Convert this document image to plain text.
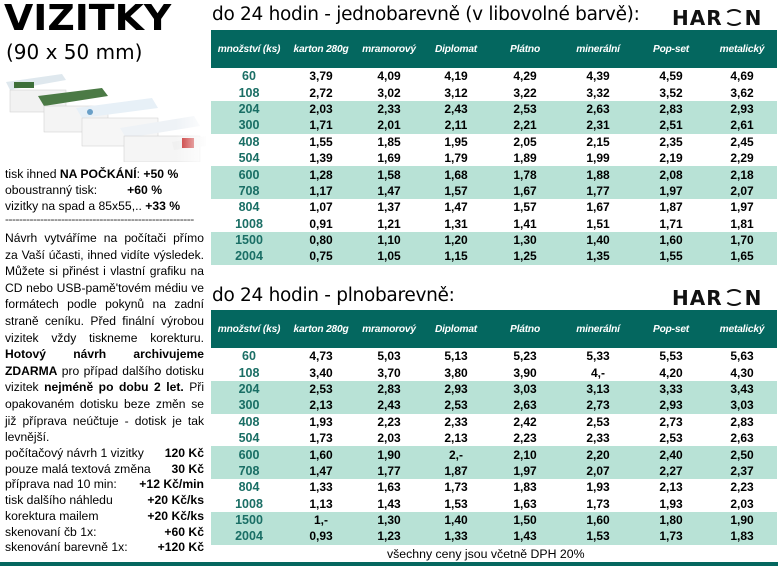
VIZITKY
(90 x 50 mm)
tisk ihned NA POČKÁNÍ: +50 %
oboustranný tisk: +60 %
vizitky na spad a 85x55,.. +33 %
------------------------------------------------------
Návrh vytváříme na počítači přímo za Vaší účasti, ihned vidíte výsledek. Můžete si přinést i vlastní grafiku na CD nebo USB-pamě'tovém médiu ve formátech podle pokynů na zadní straně ceníku. Před finální výrobou vizitek vždy tiskneme korekturu. Hotový návrh archivujeme ZDARMA pro případ dalšího dotisku vizitek nejméně po dobu 2 let. Při opakovaném dotisku beze změn se již příprava neúčtuje - dotisk je tak levnější.
počítačový návrh 1 vizitky 120 Kč
pouze malá textová změna 30 Kč
příprava nad 10 min: +12 Kč/min
tisk dalšího náhledu	+20 Kč/ks
korektura mailem	+20 Kč/ks
skenovaní čb 1x:	+60 Kč
skenování barevně 1x: +120 Kč
do 24 hodin - jednobarevně (v libovolné barvě): HAR N
množství (ks)	karton 280g	mramorový	Diplomat	Plátno	minerální	Pop-set	metalický
60	3,79	4,09	4,19	4,29	4,39	4,59	4,69
108	2,72	3,02	3,12	3,22	3,32	3,52	3,62
204	2,03	2,33	2,43	2,53	2,63	2,83	2,93
300	1,71	2,01	2,11	2,21	2,31	2,51	2,61
408	1,55	1,85	1,95	2,05	2,15	2,35	2,45
504	1,39	1,69	1,79	1,89	1,99	2,19	2,29
600	1,28	1,58	1,68	1,78	1,88	2,08	2,18
708	1,17	1,47	1,57	1,67	1,77	1,97	2,07
804	1,07	1,37	1,47	1,57	1,67	1,87	1,97
1008	0,91	1,21	1,31	1,41	1,51	1,71	1,81
1500	0,80	1,10	1,20	1,30	1,40	1,60	1,70
2004	0,75	1,05	1,15	1,25	1,35	1,55	1,65
do 24 hodin - plnobarevně:	HAR N
množství (ks)	karton 280g	mramorový	Diplomat	Plátno	minerální	Pop-set	metalický
60	4,73	5,03	5,13	5,23	5,33	5,53	5,63
108	3,40	3,70	3,80	3,90	4,-	4,20	4,30
204	2,53	2,83	2,93	3,03	3,13	3,33	3,43
300	2,13	2,43	2,53	2,63	2,73	2,93	3,03
408	1,93	2,23	2,33	2,42	2,53	2,73	2,83
504	1,73	2,03	2,13	2,23	2,33	2,53	2,63
600	1,60	1,90	2,-	2,10	2,20	2,40	2,50
708	1,47	1,77	1,87	1,97	2,07	2,27	2,37
804	1,33	1,63	1,73	1,83	1,93	2,13	2,23
1008	1,13	1,43	1,53	1,63	1,73	1,93	2,03
1500	1,-	1,30	1,40	1,50	1,60	1,80	1,90
2004	0,93	1,23	1,33	1,43	1,53	1,73	1,83
všechny ceny jsou včetně DPH 20%
